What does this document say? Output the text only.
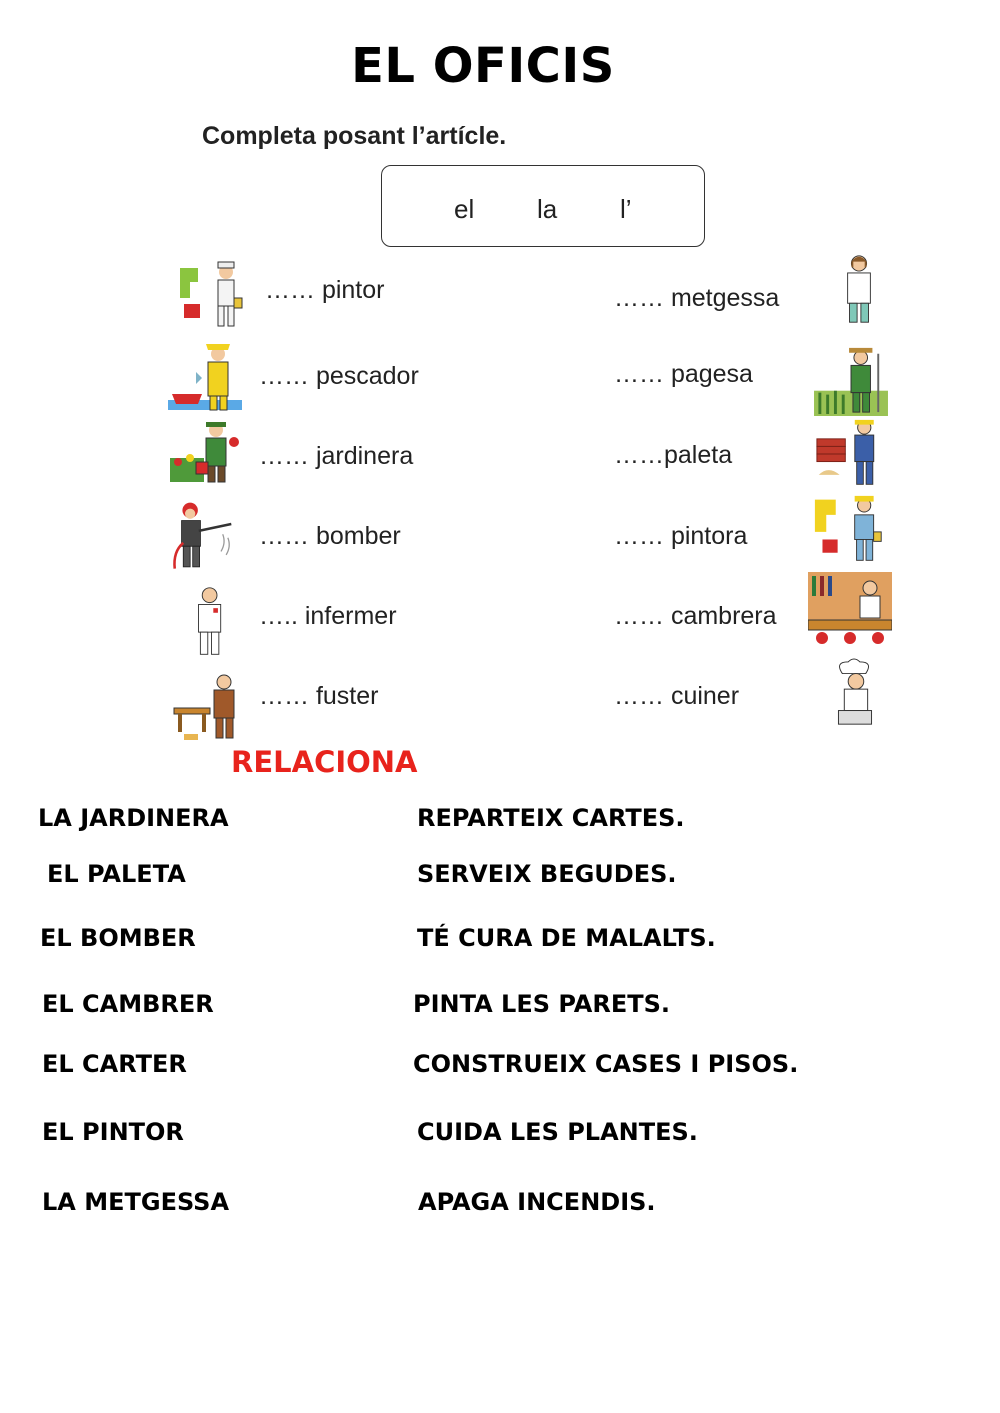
EL OFICIS
Completa posant l’artícle.
el la l’
…… pintor
…… pescador
…… jardinera
…… bomber
….. infermer
…… fuster
…… metgessa
…… pagesa
……paleta
…… pintora
…… cambrera
…… cuiner
RELACIONA
LA JARDINERA
EL PALETA
EL BOMBER
EL CAMBRER
EL CARTER
EL PINTOR
LA METGESSA
REPARTEIX CARTES.
SERVEIX BEGUDES.
TÉ CURA DE MALALTS.
PINTA LES PARETS.
CONSTRUEIX CASES I PISOS.
CUIDA LES PLANTES.
APAGA INCENDIS.
